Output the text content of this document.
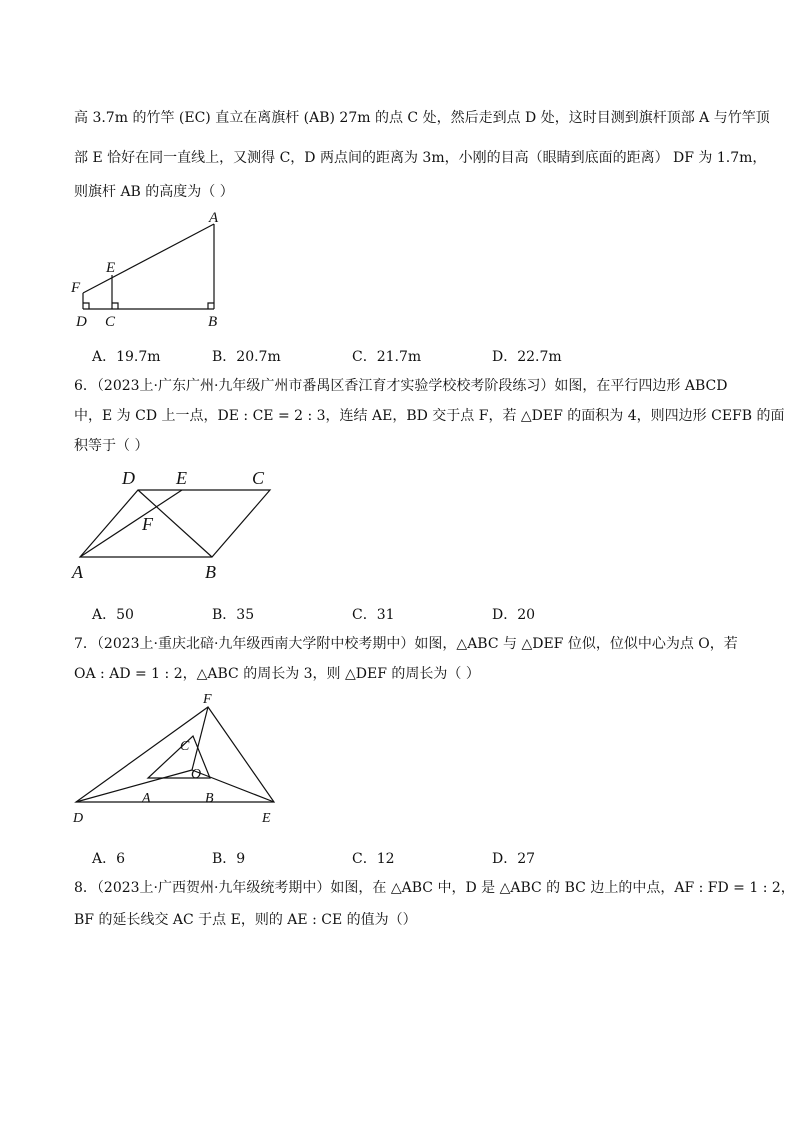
高 3.7m 的竹竿 (EC) 直立在离旗杆 (AB) 27m 的点 C 处，然后走到点 D 处，这时目测到旗杆顶部 A 与竹竿顶
部 E 恰好在同一直线上，又测得 C，D 两点间的距离为 3m，小刚的目高（眼睛到底面的距离） DF 为 1.7m，
则旗杆 AB 的高度为（ ）
A
E
F
D C	B
A．19.7m	B．20.7m	C．21.7m	D．22.7m
6．（2023上·广东广州·九年级广州市番禺区香江育才实验学校校考阶段练习）如图，在平行四边形 ABCD
中，E 为 CD 上一点，DE : CE = 2 : 3，连结 AE，BD 交于点 F，若 △DEF 的面积为 4，则四边形 CEFB 的面
积等于（ ）
D E	C
F
A	B
A．50	B．35	C．31	D．20
7．（2023上·重庆北碚·九年级西南大学附中校考期中）如图，△ABC 与 △DEF 位似，位似中心为点 O，若
OA : AD = 1 : 2，△ABC 的周长为 3，则 △DEF 的周长为（ ）
F
C
O
A	B
D	E
A．6	B．9	C．12	D．27
8．（2023上·广西贺州·九年级统考期中）如图，在 △ABC 中，D 是 △ABC 的 BC 边上的中点，AF : FD = 1 : 2，
BF 的延长线交 AC 于点 E，则的 AE : CE 的值为（）
